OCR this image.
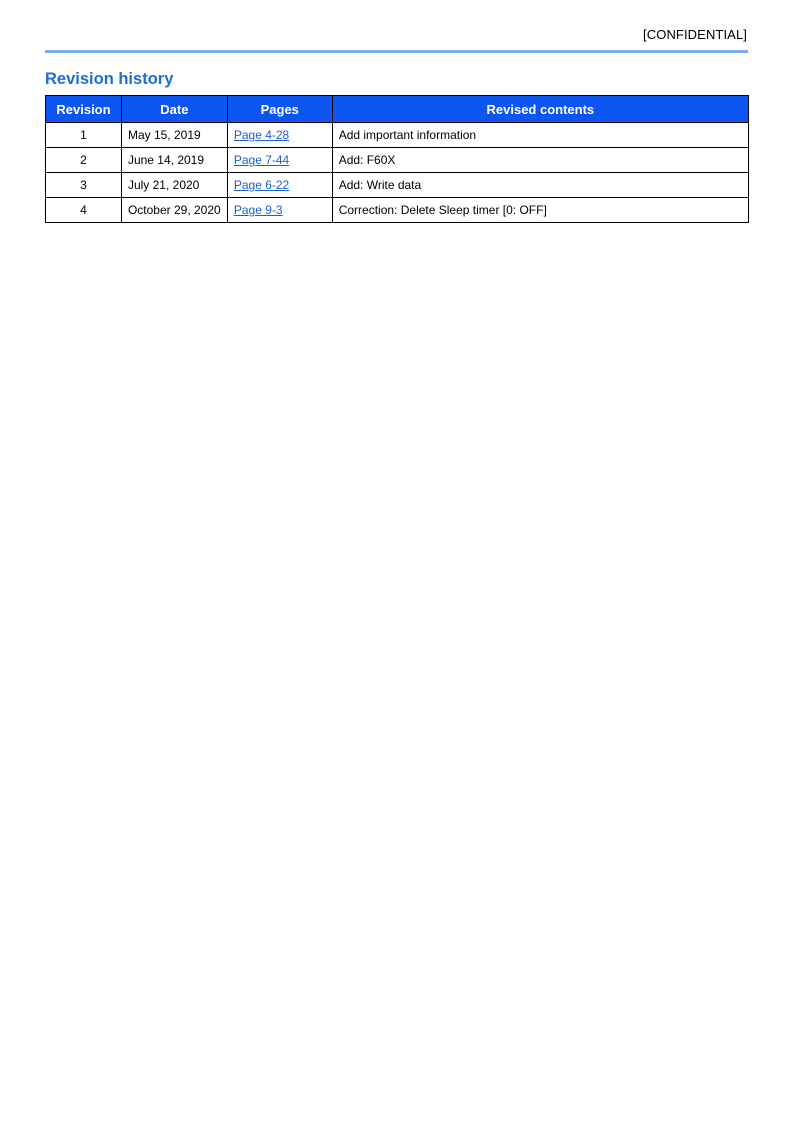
[CONFIDENTIAL]
Revision history
Revision	Date	Pages	Revised contents
1	May 15, 2019	Page 4-28	Add important information
2	June 14, 2019	Page 7-44	Add: F60X
3	July 21, 2020	Page 6-22	Add: Write data
4	October 29, 2020	Page 9-3	Correction: Delete Sleep timer [0: OFF]
